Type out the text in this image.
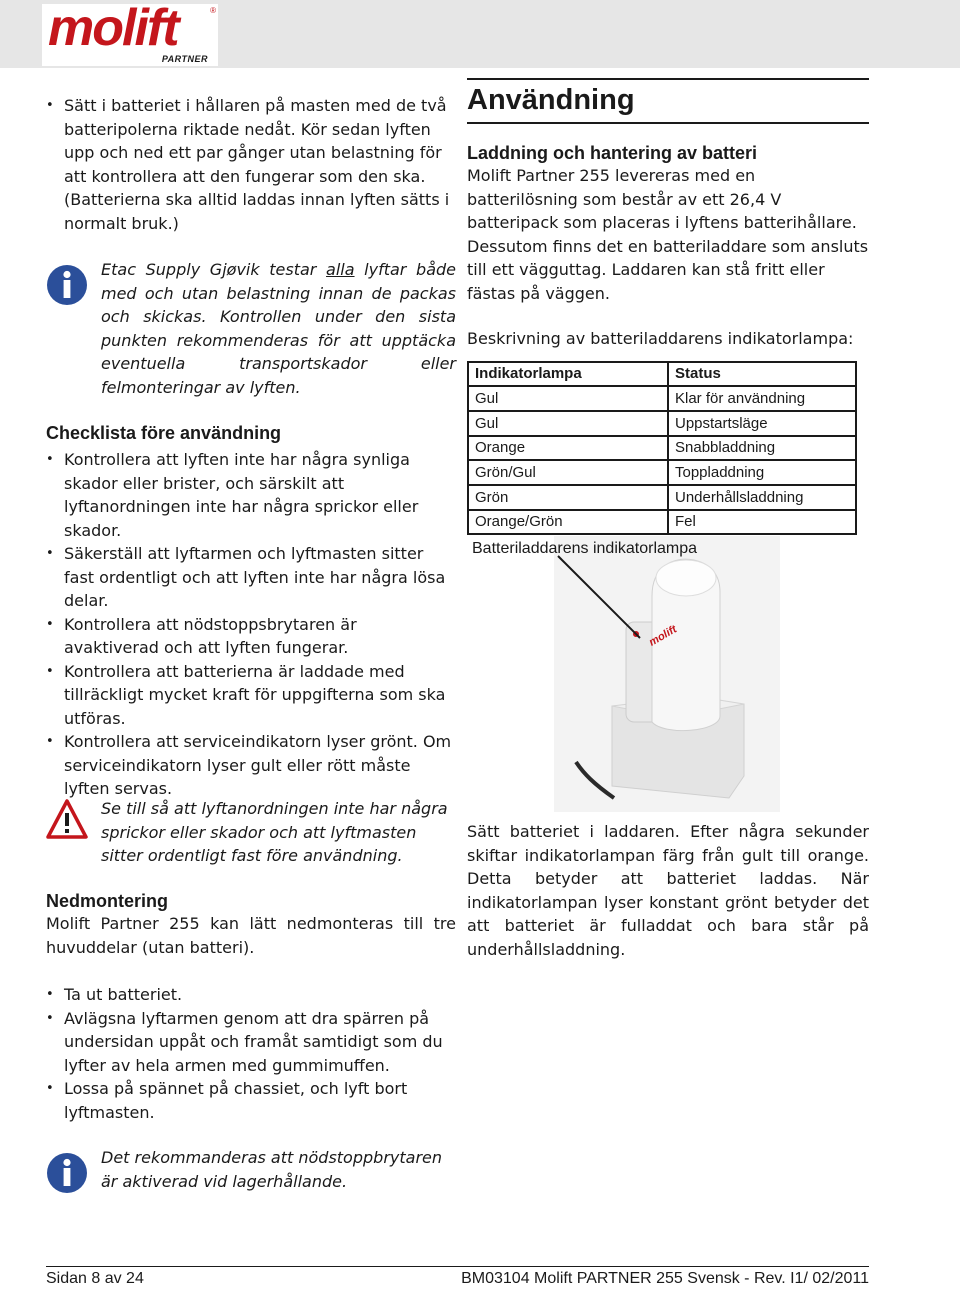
molift	®
PARTNER
• Sätt i batteriet i hållaren på masten med de två batteripolerna riktade nedåt. Kör sedan lyften upp och ned ett par gånger utan belastning för att kontrollera att den fungerar som den ska. (Batterierna ska alltid laddas innan lyften sätts i normalt bruk.)

Etac Supply Gjøvik testar alla lyftar både med och utan belastning innan de packas och skickas. Kontrollen under den sista punkten rekommenderas för att upptäcka eventuella transportskador eller felmonteringar av lyften.

Checklista före användning
• Kontrollera att lyften inte har några synliga skador eller brister, och särskilt att lyftanordningen inte har några sprickor eller skador.
• Säkerställ att lyftarmen och lyftmasten sitter fast ordentligt och att lyften inte har några lösa delar.
• Kontrollera att nödstoppsbrytaren är avaktiverad och att lyften fungerar.
• Kontrollera att batterierna är laddade med tillräckligt mycket kraft för uppgifterna som ska utföras.
• Kontrollera att serviceindikatorn lyser grönt. Om serviceindikatorn lyser gult eller rött måste lyften servas.

Se till så att lyftanordningen inte har några sprickor eller skador och att lyftmasten sitter ordentligt fast före användning.

Nedmontering

Molift Partner 255 kan lätt nedmonteras till tre huvuddelar (utan batteri).

• Ta ut batteriet.
• Avlägsna lyftarmen genom att dra spärren på undersidan uppåt och framåt samtidigt som du lyfter av hela armen med gummimuffen.
• Lossa på spännet på chassiet, och lyft bort lyftmasten.

Det rekommanderas att nödstoppbrytaren är aktiverad vid lagerhållande.

Användning
Laddning och hantering av batteri

Molift Partner 255 levereras med en batterilösning som består av ett 26,4 V batteripack som placeras i lyftens batterihållare. Dessutom finns det en batteriladdare som ansluts till ett vägguttag. Laddaren kan stå fritt eller fästas på väggen.

Beskrivning av batteriladdarens indikatorlampa:

Indikatorlampa	Status
Gul	Klar för användning
Gul	Uppstartsläge
Orange	Snabbladdning
Grön/Gul	Toppladdning
Grön	Underhållsladdning
Orange/Grön	Fel
molift
Batteriladdarens indikatorlampa
Sätt batteriet i laddaren. Efter några sekunder skiftar indikatorlampan färg från gult till orange. Detta betyder att batteriet laddas. När indikatorlampan lyser konstant grönt betyder det att batteriet är fulladdat och bara står på underhållsladdning.
Sidan 8 av 24	BM03104 Molift PARTNER 255 Svensk - Rev. I1/ 02/2011
